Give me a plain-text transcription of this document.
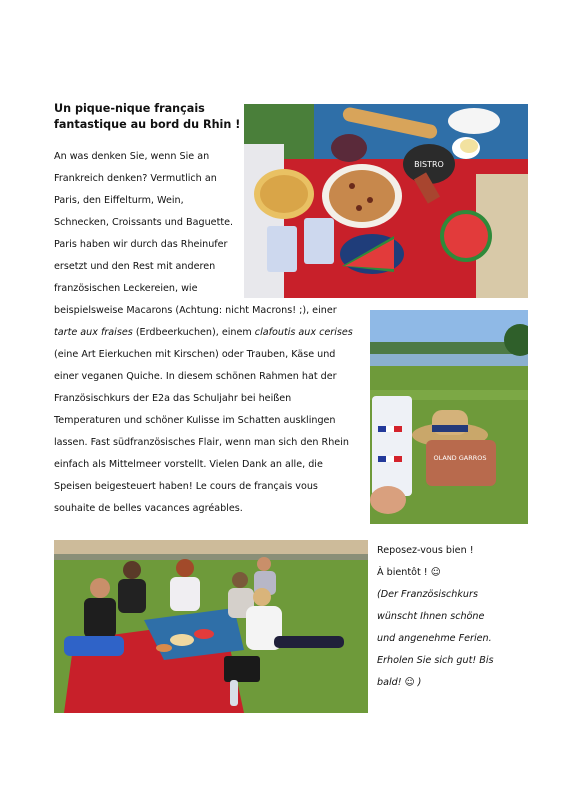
Un pique-nique français
fantastique au bord du Rhin !
An was denken Sie, wenn Sie an
Frankreich denken? Vermutlich an
Paris, den Eiffelturm, Wein,
Schnecken, Croissants und Baguette.
Paris haben wir durch das Rheinufer
ersetzt und den Rest mit anderen
französischen Leckereien, wie
beispielsweise Macarons (Achtung: nicht Macrons! ;), einer
tarte aux fraises (Erdbeerkuchen), einem clafoutis aux cerises
(eine Art Eierkuchen mit Kirschen) oder Trauben, Käse und
einer veganen Quiche. In diesem schönen Rahmen hat der
Französischkurs der E2a das Schuljahr bei heißen
Temperaturen und schöner Kulisse im Schatten ausklingen
lassen. Fast südfranzösisches Flair, wenn man sich den Rhein
einfach als Mittelmeer vorstellt. Vielen Dank an alle, die
Speisen beigesteuert haben! Le cours de français vous
souhaite de belles vacances agréables.
BISTRO
OLAND GARROS
Reposez-vous bien !
À bientôt ! ☺
(Der Französischkurs
wünscht Ihnen schöne
und angenehme Ferien.
Erholen Sie sich gut! Bis
bald! ☺ )
